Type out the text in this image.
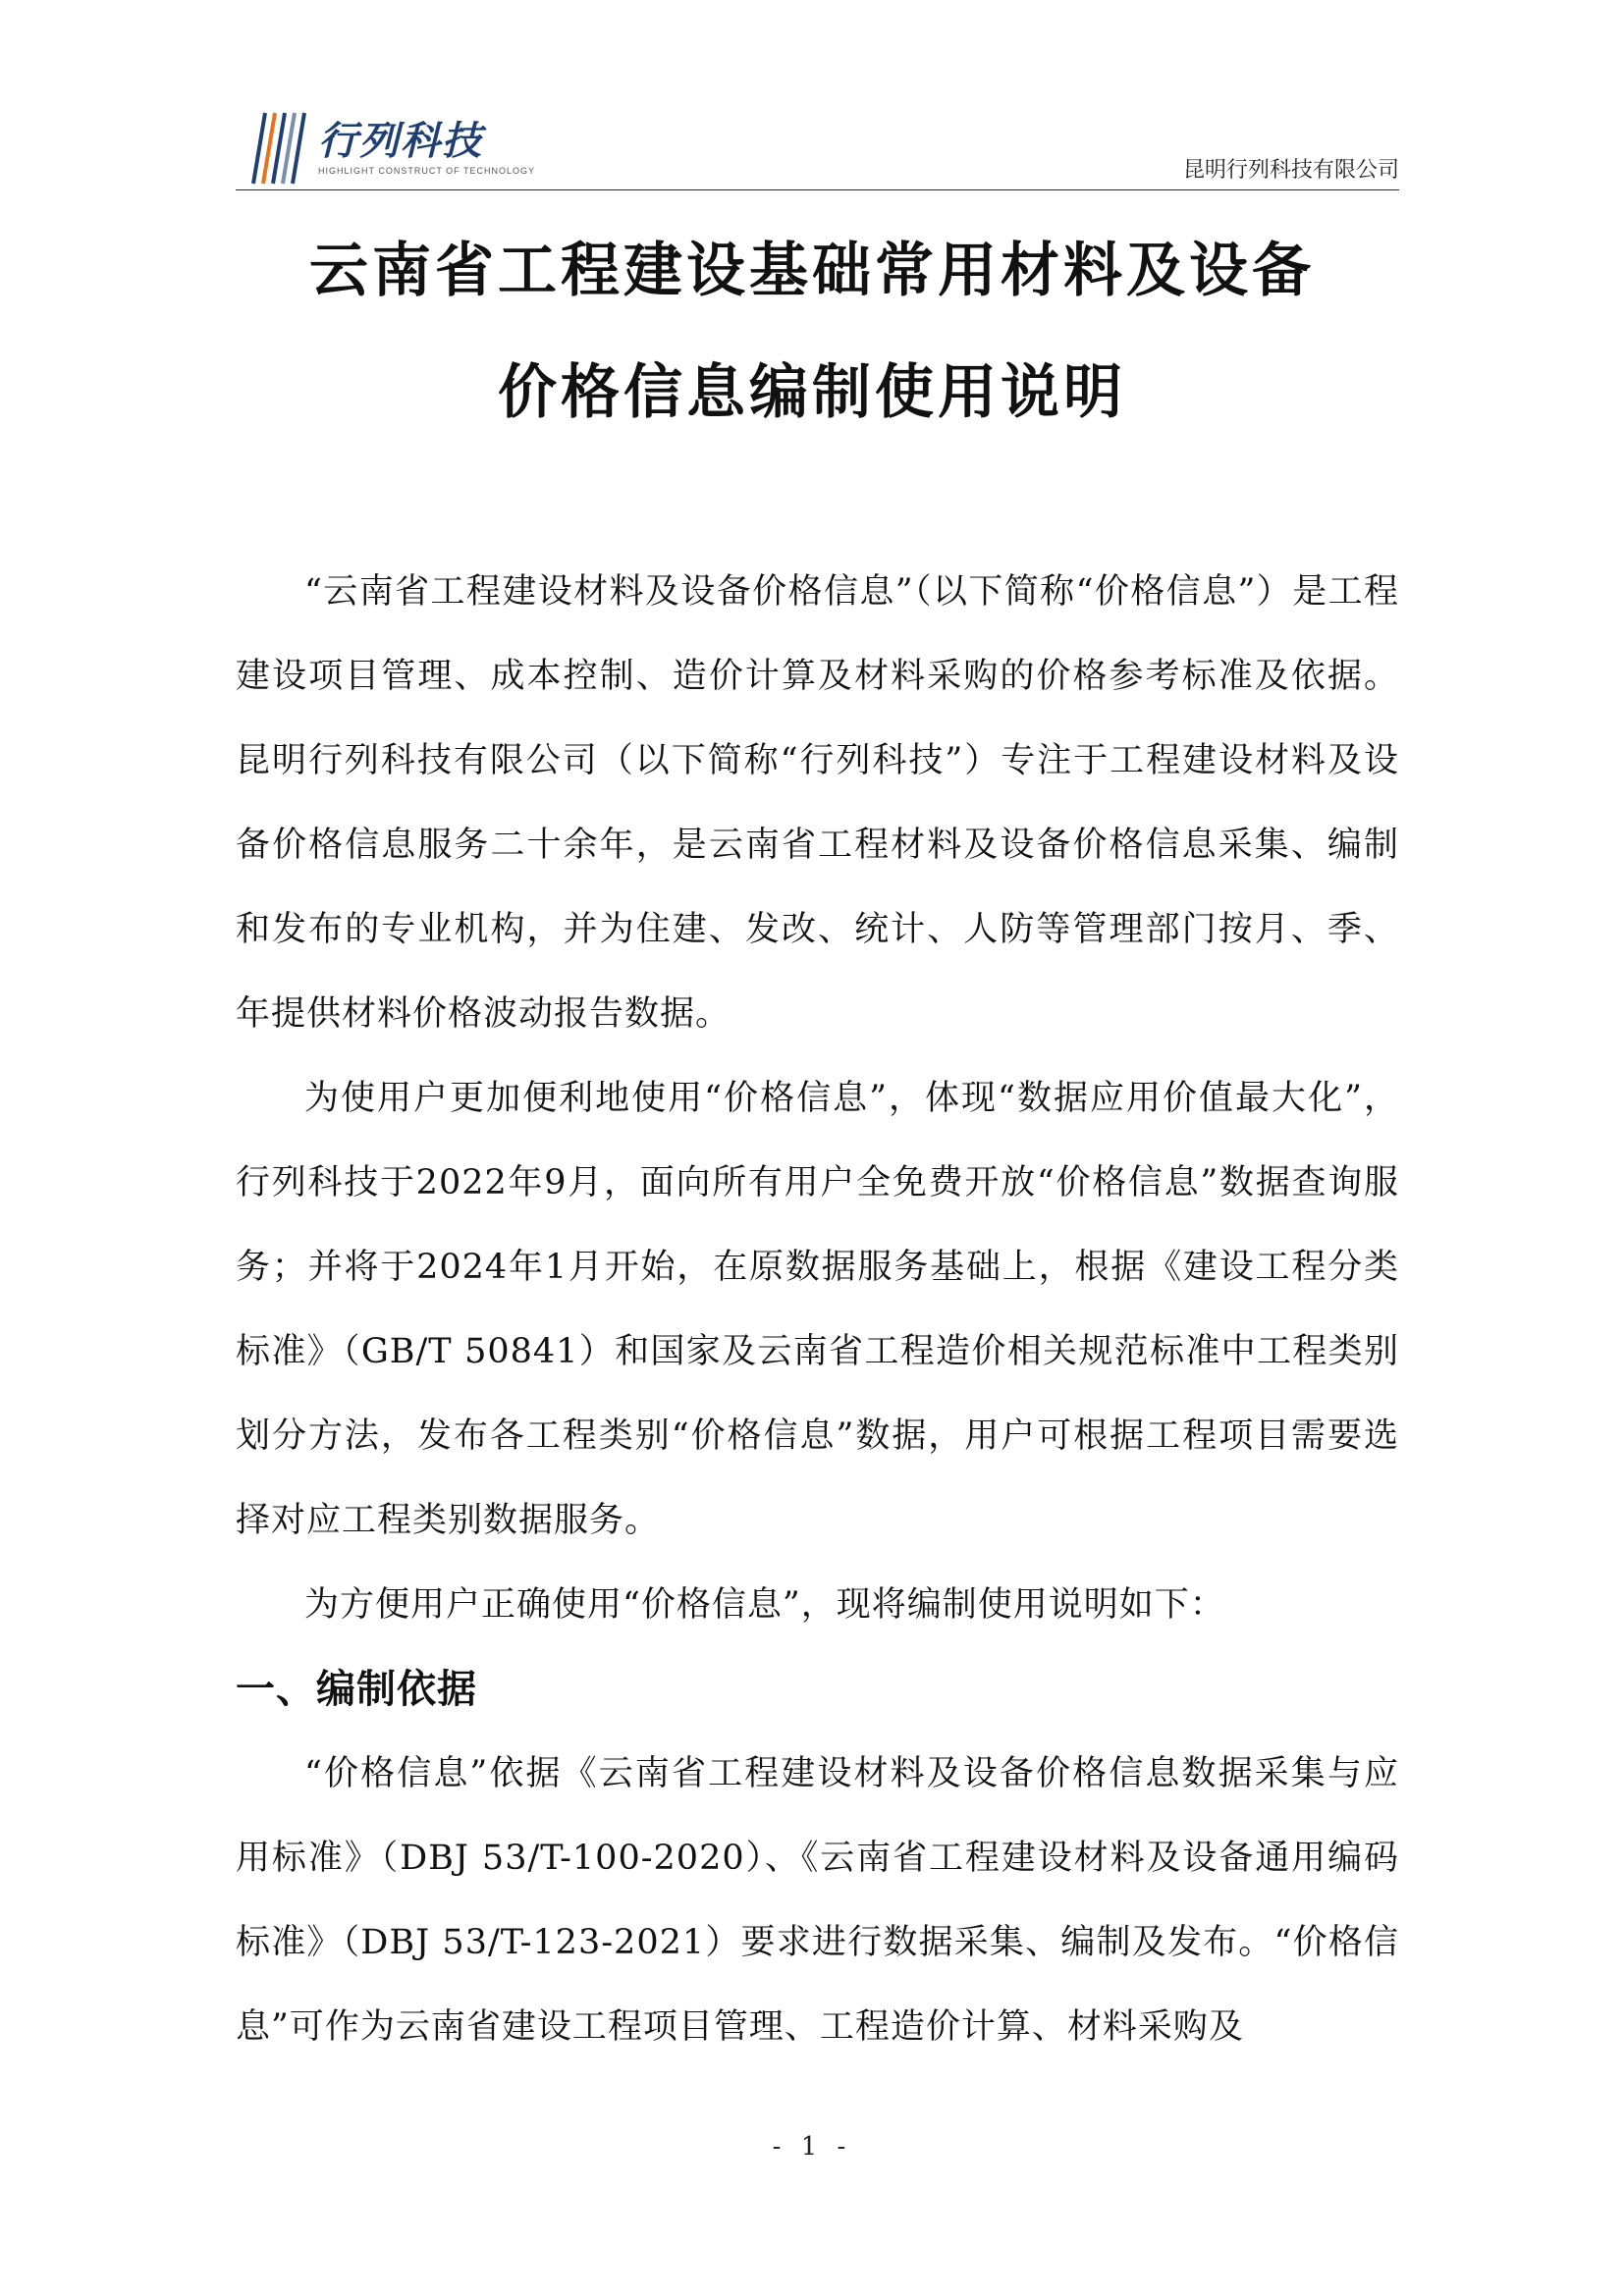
行列科技
HIGHLIGHT CONSTRUCT OF TECHNOLOGY	昆明行列科技有限公司
云南省工程建设基础常用材料及设备
价格信息编制使用说明

“云南省工程建设材料及设备价格信息”（以下简称“价格信息”）是工程建设项目管理、成本控制、造价计算及材料采购的价格参考标准及依据。昆明行列科技有限公司（以下简称“行列科技”）专注于工程建设材料及设备价格信息服务二十余年，是云南省工程材料及设备价格信息采集、编制和发布的专业机构，并为住建、发改、统计、人防等管理部门按月、季、年提供材料价格波动报告数据。

为使用户更加便利地使用“价格信息”，体现“数据应用价值最大化”，行列科技于2022年9月，面向所有用户全免费开放“价格信息”数据查询服务；并将于2024年1月开始，在原数据服务基础上，根据《建设工程分类标准》（GB/T 50841）和国家及云南省工程造价相关规范标准中工程类别划分方法，发布各工程类别“价格信息”数据，用户可根据工程项目需要选择对应工程类别数据服务。

为方便用户正确使用“价格信息”，现将编制使用说明如下：

一、编制依据

“价格信息”依据《云南省工程建设材料及设备价格信息数据采集与应用标准》（DBJ 53/T-100-2020）、《云南省工程建设材料及设备通用编码标准》（DBJ 53/T-123-2021）要求进行数据采集、编制及发布。“价格信息”可作为云南省建设工程项目管理、工程造价计算、材料采购及

- 1 -
